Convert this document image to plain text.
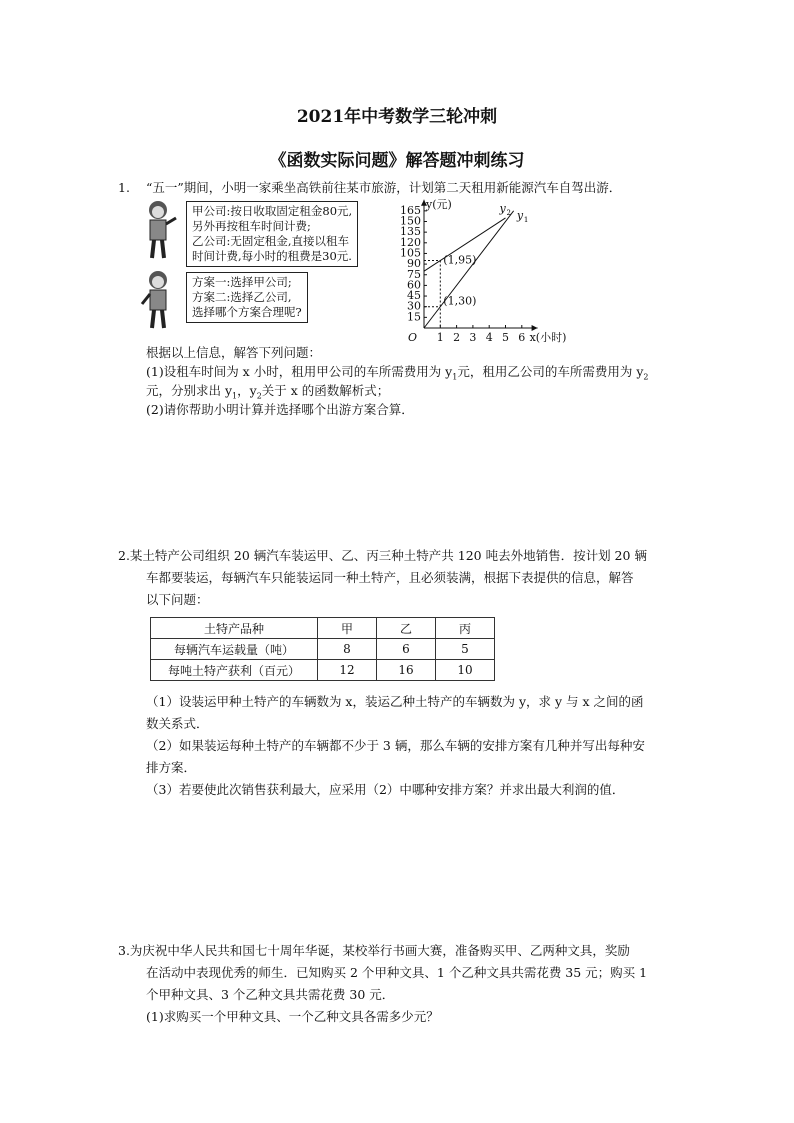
2021年中考数学三轮冲刺
《函数实际问题》解答题冲刺练习
1. “五一”期间，小明一家乘坐高铁前往某市旅游，计划第二天租用新能源汽车自驾出游．
甲公司:按日收取固定租金80元,
另外再按租车时间计费;
乙公司:无固定租金,直接以租车
时间计费,每小时的租费是30元.
方案一:选择甲公司;
方案二:选择乙公司,
选择哪个方案合理呢?	15
30
45
60
75
90
105
120
135
150
165
1 2 3 4 5 6
O	x(小时)
y(元)
(1,95)
(1,30)
y 2 y 1
根据以上信息，解答下列问题：
(1)设租车时间为 x 小时，租用甲公司的车所需费用为 $y_1$元，租用乙公司的车所需费用为 $y_2$
元，分别求出 $y_1$，$y_2$关于 x 的函数解析式；
(2)请你帮助小明计算并选择哪个出游方案合算．
2.某土特产公司组织 20 辆汽车装运甲、乙、丙三种土特产共 120 吨去外地销售．按计划 20 辆
车都要装运，每辆汽车只能装运同一种土特产，且必须装满，根据下表提供的信息，解答
以下问题：
土特产品种	甲	乙	丙
每辆汽车运载量（吨）	8	6	5
每吨土特产获利（百元）	12	16	10
（1）设装运甲种土特产的车辆数为 x，装运乙种土特产的车辆数为 y，求 y 与 x 之间的函
数关系式．
（2）如果装运每种土特产的车辆都不少于 3 辆，那么车辆的安排方案有几种并写出每种安
排方案．
（3）若要使此次销售获利最大，应采用（2）中哪种安排方案？并求出最大利润的值．
3.为庆祝中华人民共和国七十周年华诞，某校举行书画大赛，准备购买甲、乙两种文具，奖励
在活动中表现优秀的师生．已知购买 2 个甲种文具、1 个乙种文具共需花费 35 元；购买 1
个甲种文具、3 个乙种文具共需花费 30 元．
(1)求购买一个甲种文具、一个乙种文具各需多少元？
